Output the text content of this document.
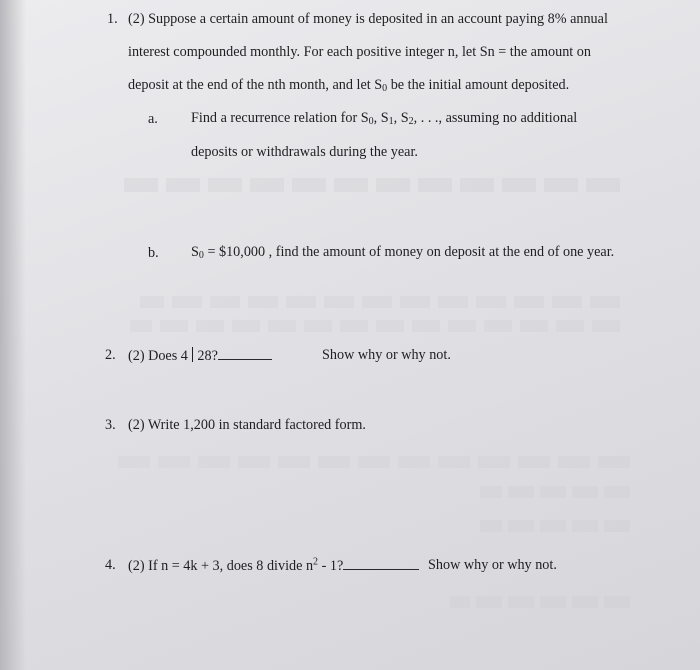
1. (2) Suppose a certain amount of money is deposited in an account paying 8% annual
interest compounded monthly. For each positive integer n, let Sn = the amount on
deposit at the end of the nth month, and let $S_0$ be the initial amount deposited.
a. Find a recurrence relation for $S_0$, $S_1$, $S_2$, . . ., assuming no additional
deposits or withdrawals during the year.
b. $S_0$ = $10,000 , find the amount of money on deposit at the end of one year.
2. (2) Does 4 28?	Show why or why not.
3. (2) Write 1,200 in standard factored form.
4. (2) If n = 4k + 3, does 8 divide $n^2 - 1$?	Show why or why not.
